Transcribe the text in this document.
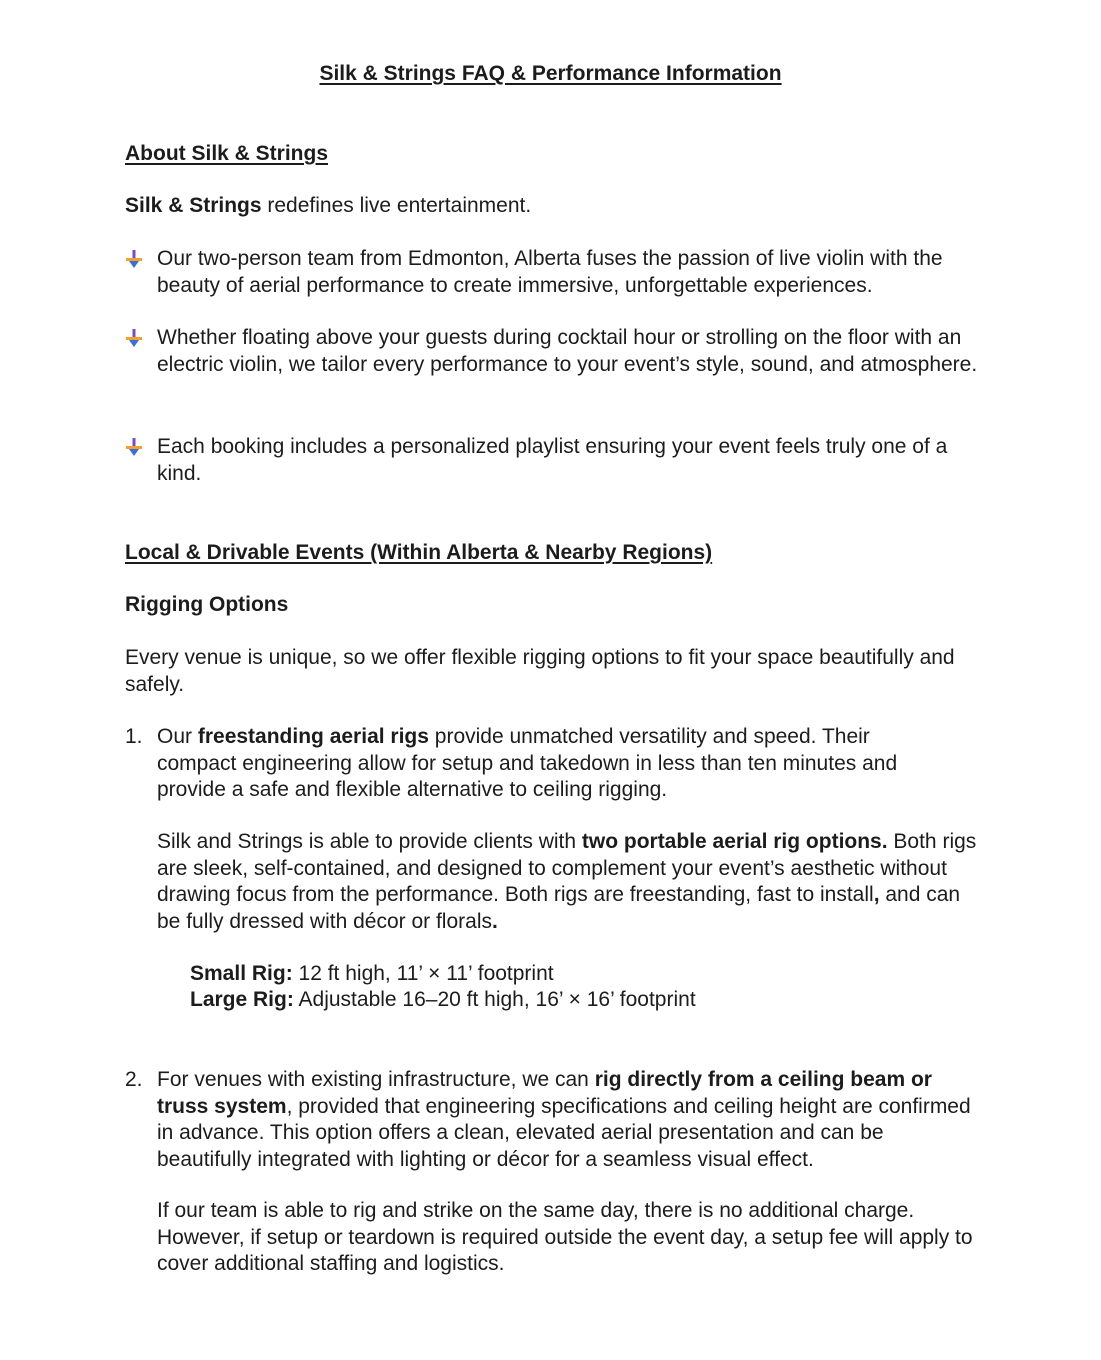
Silk & Strings FAQ & Performance Information
About Silk & Strings

Silk & Strings redefines live entertainment.

Our two-person team from Edmonton, Alberta fuses the passion of live violin with the beauty of aerial performance to create immersive, unforgettable experiences.

Whether floating above your guests during cocktail hour or strolling on the floor with an electric violin, we tailor every performance to your event’s style, sound, and atmosphere.

Each booking includes a personalized playlist ensuring your event feels truly one of a kind.

Local & Drivable Events (Within Alberta & Nearby Regions)
Rigging Options

Every venue is unique, so we offer flexible rigging options to fit your space beautifully and safely.

1. Our freestanding aerial rigs provide unmatched versatility and speed. Their compact engineering allow for setup and takedown in less than ten minutes and provide a safe and flexible alternative to ceiling rigging.

Silk and Strings is able to provide clients with two portable aerial rig options. Both rigs are sleek, self-contained, and designed to complement your event’s aesthetic without drawing focus from the performance. Both rigs are freestanding, fast to install, and can be fully dressed with décor or florals.

Small Rig: 12 ft high, 11’ × 11’ footprint

Large Rig: Adjustable 16–20 ft high, 16’ × 16’ footprint

2. For venues with existing infrastructure, we can rig directly from a ceiling beam or truss system, provided that engineering specifications and ceiling height are confirmed in advance. This option offers a clean, elevated aerial presentation and can be beautifully integrated with lighting or décor for a seamless visual effect.

If our team is able to rig and strike on the same day, there is no additional charge. However, if setup or teardown is required outside the event day, a setup fee will apply to cover additional staffing and logistics.
